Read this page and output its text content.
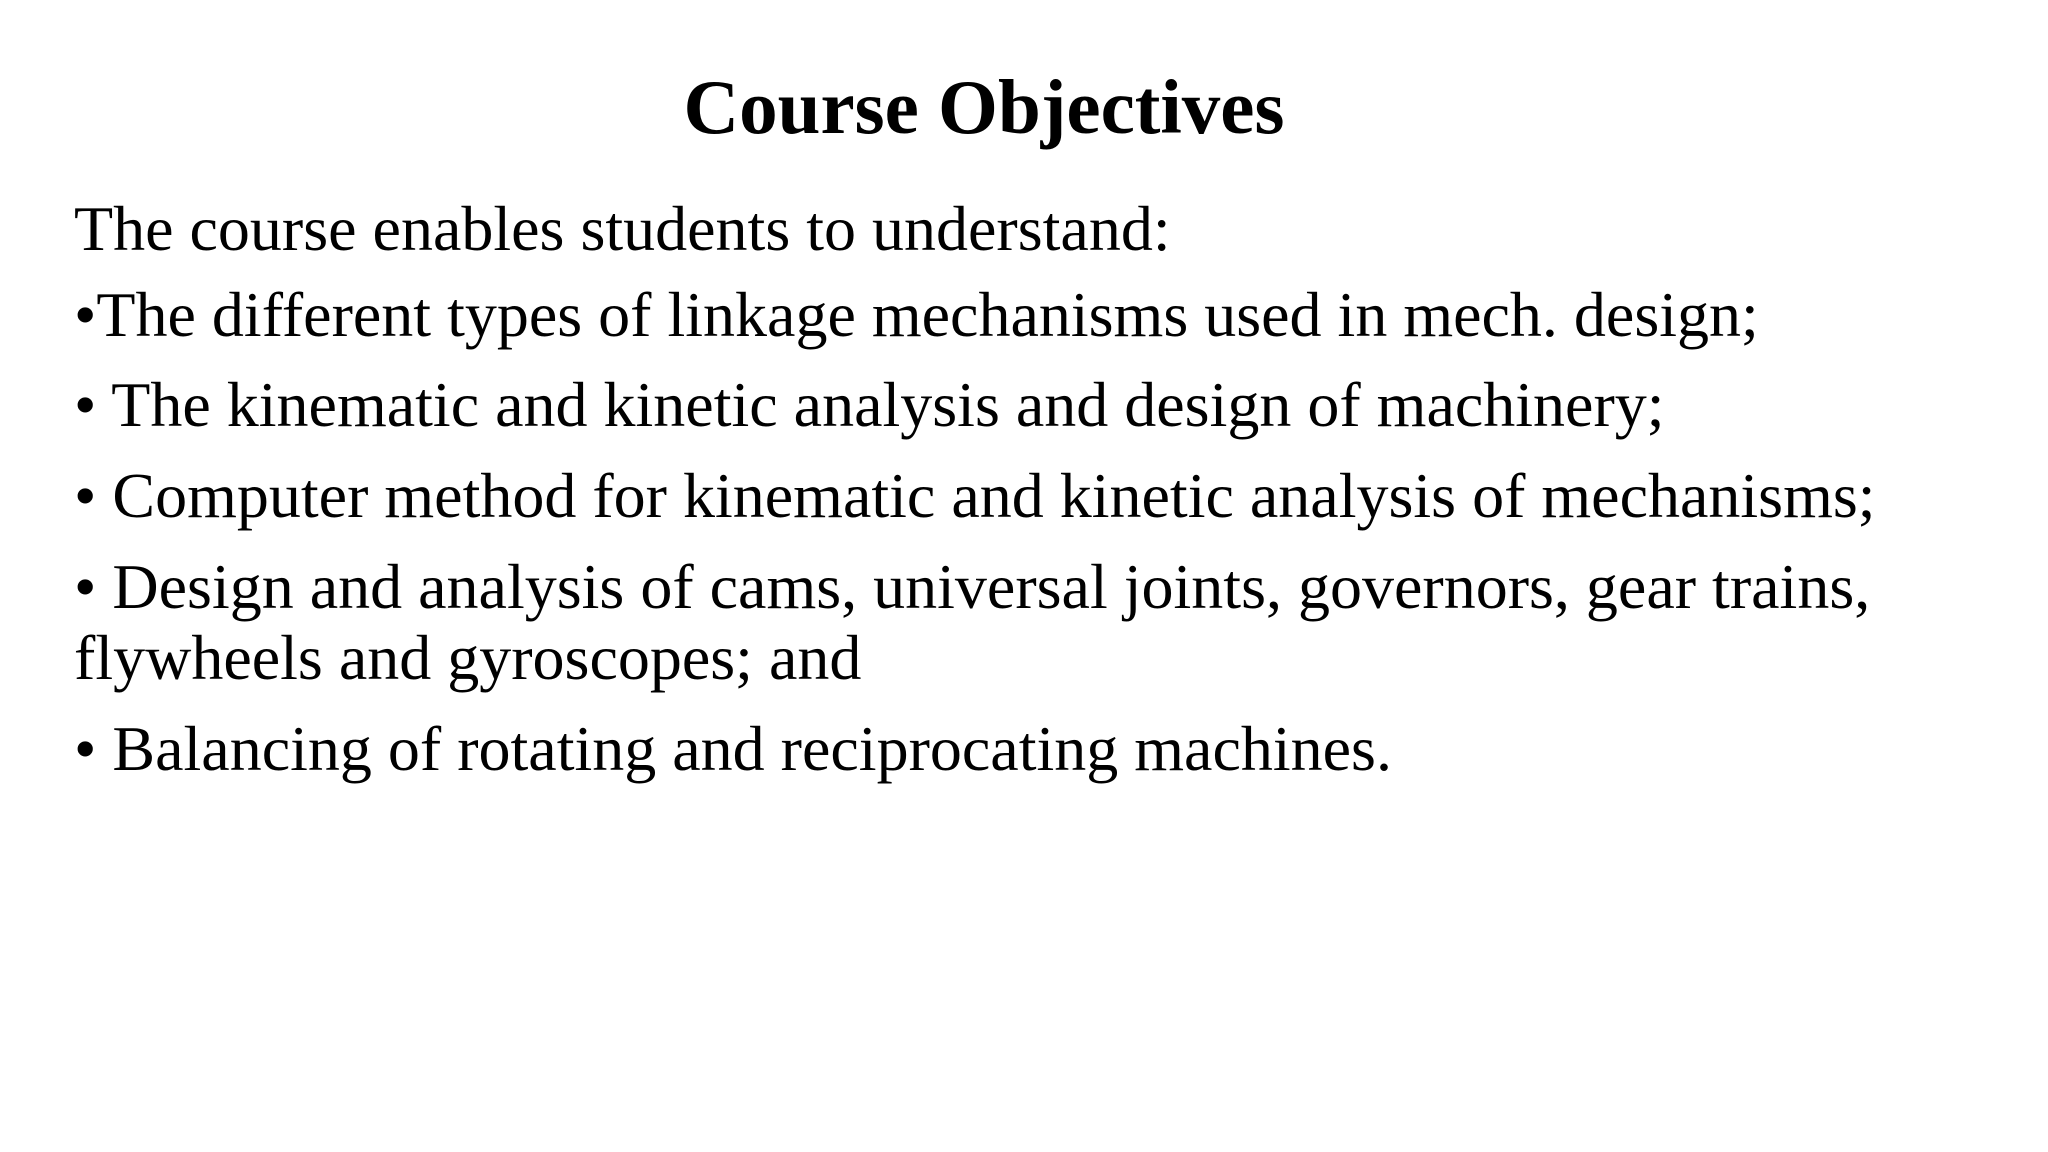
Course Objectives

The course enables students to understand:

•The different types of linkage mechanisms used in mech. design;
• The kinematic and kinetic analysis and design of machinery;
• Computer method for kinematic and kinetic analysis of mechanisms;
• Design and analysis of cams, universal joints, governors, gear trains, flywheels and gyroscopes; and
• Balancing of rotating and reciprocating machines.
